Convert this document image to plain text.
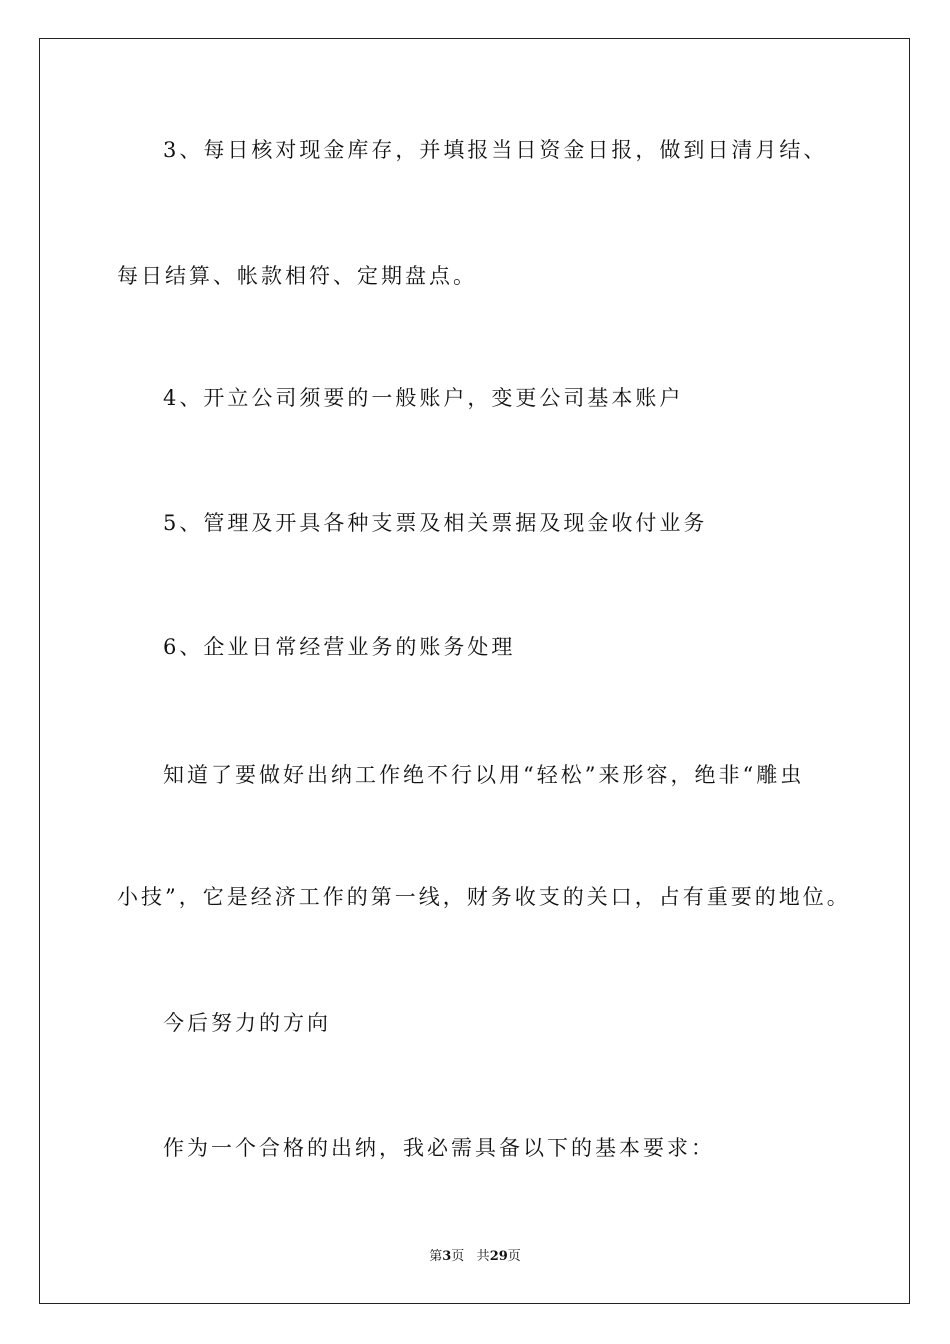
3、每日核对现金库存，并填报当日资金日报，做到日清月结、
每日结算、帐款相符、定期盘点。
4、开立公司须要的一般账户，变更公司基本账户
5、管理及开具各种支票及相关票据及现金收付业务
6、企业日常经营业务的账务处理
知道了要做好出纳工作绝不行以用“轻松”来形容，绝非“雕虫
小技”，它是经济工作的第一线，财务收支的关口，占有重要的地位。
今后努力的方向
作为一个合格的出纳，我必需具备以下的基本要求：
第3页 共29页
